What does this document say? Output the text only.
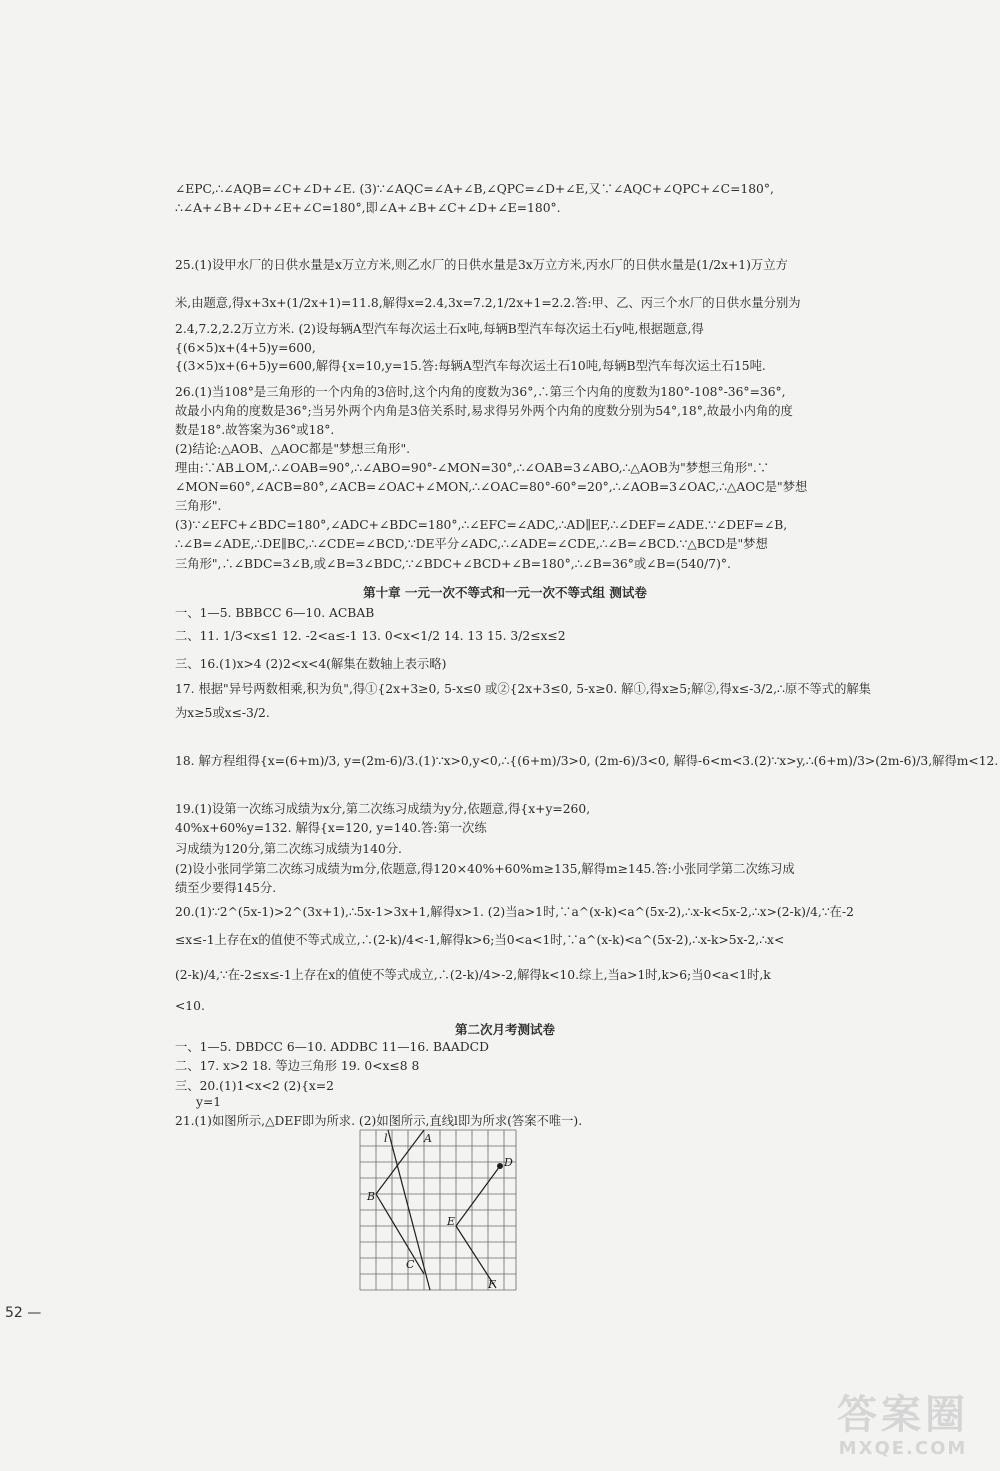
∠EPC,∴∠AQB=∠C+∠D+∠E. (3)∵∠AQC=∠A+∠B,∠QPC=∠D+∠E,又∵∠AQC+∠QPC+∠C=180°,
∴∠A+∠B+∠D+∠E+∠C=180°,即∠A+∠B+∠C+∠D+∠E=180°.
25.(1)设甲水厂的日供水量是x万立方米,则乙水厂的日供水量是3x万立方米,丙水厂的日供水量是(1/2x+1)万立方
米,由题意,得x+3x+(1/2x+1)=11.8,解得x=2.4,3x=7.2,1/2x+1=2.2.答:甲、乙、丙三个水厂的日供水量分别为
2.4,7.2,2.2万立方米. (2)设每辆A型汽车每次运土石x吨,每辆B型汽车每次运土石y吨,根据题意,得
{(6×5)x+(4+5)y=600,
{(3×5)x+(6+5)y=600,解得{x=10,y=15.答:每辆A型汽车每次运土石10吨,每辆B型汽车每次运土石15吨.
26.(1)当108°是三角形的一个内角的3倍时,这个内角的度数为36°,∴第三个内角的度数为180°-108°-36°=36°,
故最小内角的度数是36°;当另外两个内角是3倍关系时,易求得另外两个内角的度数分别为54°,18°,故最小内角的度
数是18°.故答案为36°或18°.
(2)结论:△AOB、△AOC都是"梦想三角形".
理由:∵AB⊥OM,∴∠OAB=90°,∴∠ABO=90°-∠MON=30°,∴∠OAB=3∠ABO,∴△AOB为"梦想三角形".∵
∠MON=60°,∠ACB=80°,∠ACB=∠OAC+∠MON,∴∠OAC=80°-60°=20°,∴∠AOB=3∠OAC,∴△AOC是"梦想
三角形".
(3)∵∠EFC+∠BDC=180°,∠ADC+∠BDC=180°,∴∠EFC=∠ADC,∴AD∥EF,∴∠DEF=∠ADE.∵∠DEF=∠B,
∴∠B=∠ADE,∴DE∥BC,∴∠CDE=∠BCD,∵DE平分∠ADC,∴∠ADE=∠CDE,∴∠B=∠BCD.∵△BCD是"梦想
三角形",∴∠BDC=3∠B,或∠B=3∠BDC,∵∠BDC+∠BCD+∠B=180°,∴∠B=36°或∠B=(540/7)°.
第十章 一元一次不等式和一元一次不等式组 测试卷
一、1—5. BBBCC 6—10. ACBAB
二、11. 1/3<x≤1 12. -2<a≤-1 13. 0<x<1/2 14. 13 15. 3/2≤x≤2
三、16.(1)x>4 (2)2<x<4(解集在数轴上表示略)
17. 根据"异号两数相乘,积为负",得①{2x+3≥0, 5-x≤0 或②{2x+3≤0, 5-x≥0. 解①,得x≥5;解②,得x≤-3/2,∴原不等式的解集
为x≥5或x≤-3/2.
18. 解方程组得{x=(6+m)/3, y=(2m-6)/3.(1)∵x>0,y<0,∴{(6+m)/3>0, (2m-6)/3<0, 解得-6<m<3.(2)∵x>y,∴(6+m)/3>(2m-6)/3,解得m<12.
19.(1)设第一次练习成绩为x分,第二次练习成绩为y分,依题意,得{x+y=260,
40%x+60%y=132. 解得{x=120, y=140.答:第一次练
习成绩为120分,第二次练习成绩为140分.
(2)设小张同学第二次练习成绩为m分,依题意,得120×40%+60%m≥135,解得m≥145.答:小张同学第二次练习成
绩至少要得145分.
20.(1)∵2^(5x-1)>2^(3x+1),∴5x-1>3x+1,解得x>1. (2)当a>1时,∵a^(x-k)<a^(5x-2),∴x-k<5x-2,∴x>(2-k)/4,∵在-2
≤x≤-1上存在x的值使不等式成立,∴(2-k)/4<-1,解得k>6;当0<a<1时,∵a^(x-k)<a^(5x-2),∴x-k>5x-2,∴x<
(2-k)/4,∵在-2≤x≤-1上存在x的值使不等式成立,∴(2-k)/4>-2,解得k<10.综上,当a>1时,k>6;当0<a<1时,k
<10.
第二次月考测试卷
一、1—5. DBDCC 6—10. ADDBC 11—16. BAADCD
二、17. x>2 18. 等边三角形 19. 0<x≤8 8
三、20.(1)1<x<2 (2){x=2
y=1
21.(1)如图所示,△DEF即为所求. (2)如图所示,直线l即为所求(答案不唯一).
l	A
B
C
D
E
F
52 —
答案圈
MXQE.COM
